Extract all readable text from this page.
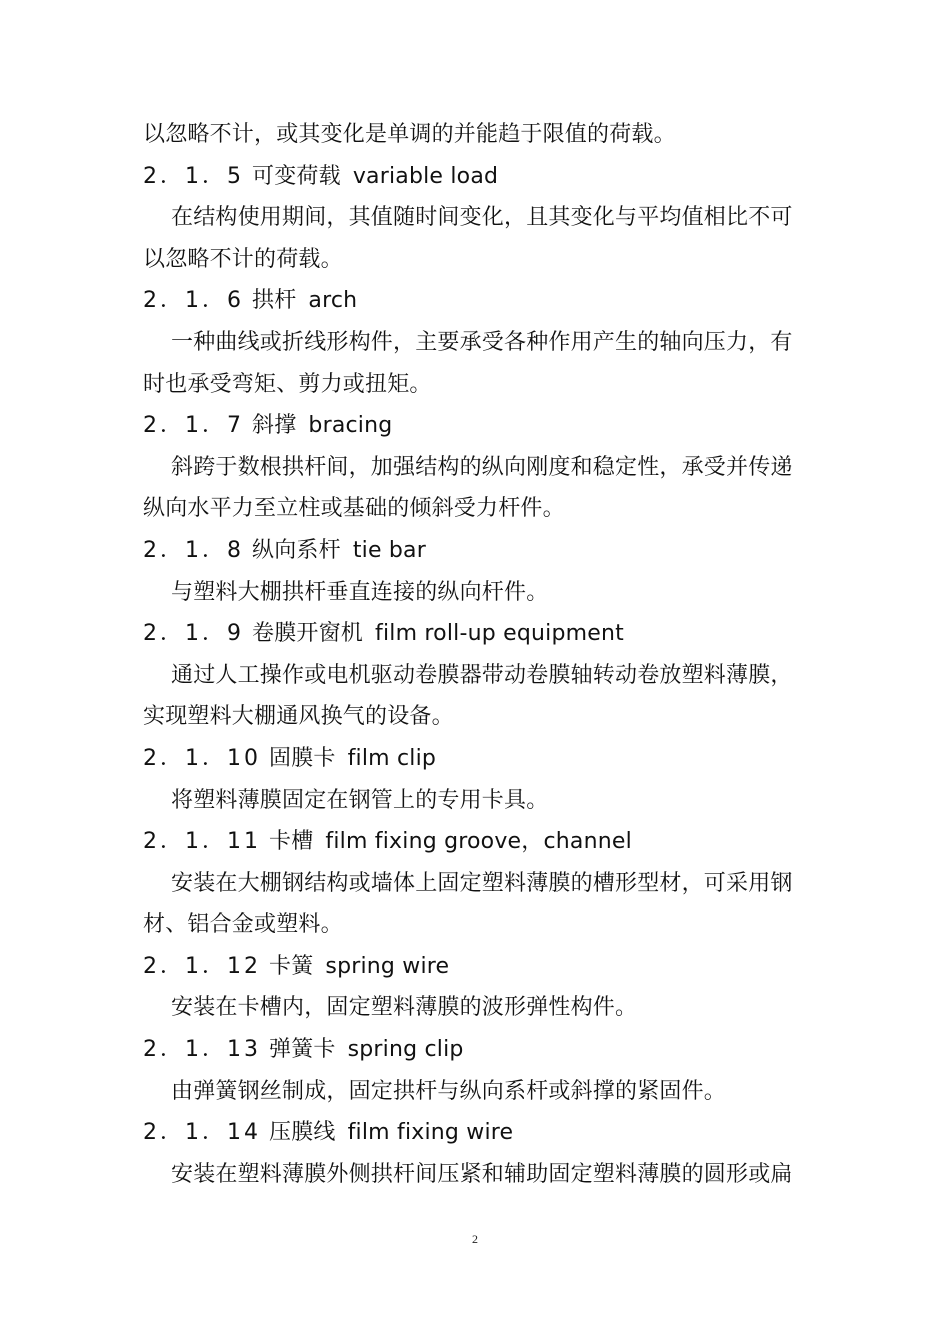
以忽略不计，或其变化是单调的并能趋于限值的荷载。
2．1．5 可变荷载 variable load
在结构使用期间，其值随时间变化，且其变化与平均值相比不可
以忽略不计的荷载。
2．1．6 拱杆 arch
一种曲线或折线形构件，主要承受各种作用产生的轴向压力，有
时也承受弯矩、剪力或扭矩。
2．1．7 斜撑 bracing
斜跨于数根拱杆间，加强结构的纵向刚度和稳定性，承受并传递
纵向水平力至立柱或基础的倾斜受力杆件。
2．1．8 纵向系杆 tie bar
与塑料大棚拱杆垂直连接的纵向杆件。
2．1．9 卷膜开窗机 film roll-up equipment
通过人工操作或电机驱动卷膜器带动卷膜轴转动卷放塑料薄膜，
实现塑料大棚通风换气的设备。
2．1．10 固膜卡 film clip
将塑料薄膜固定在钢管上的专用卡具。
2．1．11 卡槽 film fixing groove，channel
安装在大棚钢结构或墙体上固定塑料薄膜的槽形型材，可采用钢
材、铝合金或塑料。
2．1．12 卡簧 spring wire
安装在卡槽内，固定塑料薄膜的波形弹性构件。
2．1．13 弹簧卡 spring clip
由弹簧钢丝制成，固定拱杆与纵向系杆或斜撑的紧固件。
2．1．14 压膜线 film fixing wire
安装在塑料薄膜外侧拱杆间压紧和辅助固定塑料薄膜的圆形或扁
2
